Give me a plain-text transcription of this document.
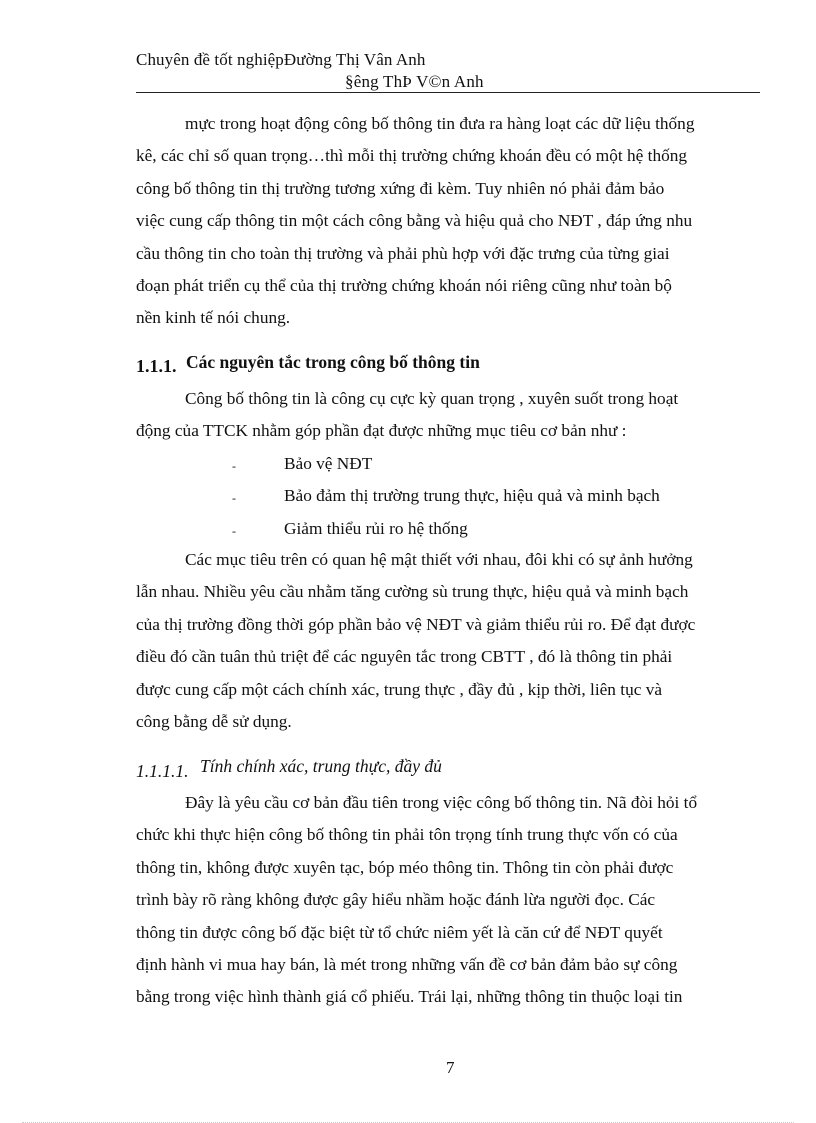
Chuyên đề tốt nghiệpĐường Thị Vân Anh
§êng ThÞ V©n Anh
mực trong hoạt động công bố thông tin đưa ra hàng loạt các dữ liệu thống
kê, các chỉ số quan trọng…thì mỗi thị trường chứng khoán đều có một hệ thống
công bố thông tin thị trường tương xứng đi kèm. Tuy nhiên nó phải đảm bảo
việc cung cấp thông tin một cách công bằng và hiệu quả cho NĐT , đáp ứng nhu
cầu thông tin cho toàn thị trường và phải phù hợp với đặc trưng của từng giai
đoạn phát triển cụ thể của thị trường chứng khoán nói riêng cũng như toàn bộ
nền kinh tế nói chung.
1.1.1. Các nguyên tắc trong công bố thông tin
Công bố thông tin là công cụ cực kỳ quan trọng , xuyên suốt trong hoạt
động của TTCK nhằm góp phần đạt được những mục tiêu cơ bản như :
-	Bảo vệ NĐT
-	Bảo đảm thị trường trung thực, hiệu quả và minh bạch
-	Giảm thiểu rủi ro hệ thống
Các mục tiêu trên có quan hệ mật thiết với nhau, đôi khi có sự ảnh hưởng
lẫn nhau. Nhiều yêu cầu nhằm tăng cường sù trung thực, hiệu quả và minh bạch
của thị trường đồng thời góp phần bảo vệ NĐT và giảm thiểu rủi ro. Để đạt được
điều đó cần tuân thủ triệt để các nguyên tắc trong CBTT , đó là thông tin phải
được cung cấp một cách chính xác, trung thực , đầy đủ , kịp thời, liên tục và
công bằng dễ sử dụng.
1.1.1.1. Tính chính xác, trung thực, đầy đủ
Đây là yêu cầu cơ bản đầu tiên trong việc công bố thông tin. Nã đòi hỏi tổ
chức khi thực hiện công bố thông tin phải tôn trọng tính trung thực vốn có của
thông tin, không được xuyên tạc, bóp méo thông tin. Thông tin còn phải được
trình bày rõ ràng không được gây hiểu nhầm hoặc đánh lừa người đọc. Các
thông tin được công bố đặc biệt từ tổ chức niêm yết là căn cứ để NĐT quyết
định hành vi mua hay bán, là mét trong những vấn đề cơ bản đảm bảo sự công
bằng trong việc hình thành giá cổ phiếu. Trái lại, những thông tin thuộc loại tin
7
